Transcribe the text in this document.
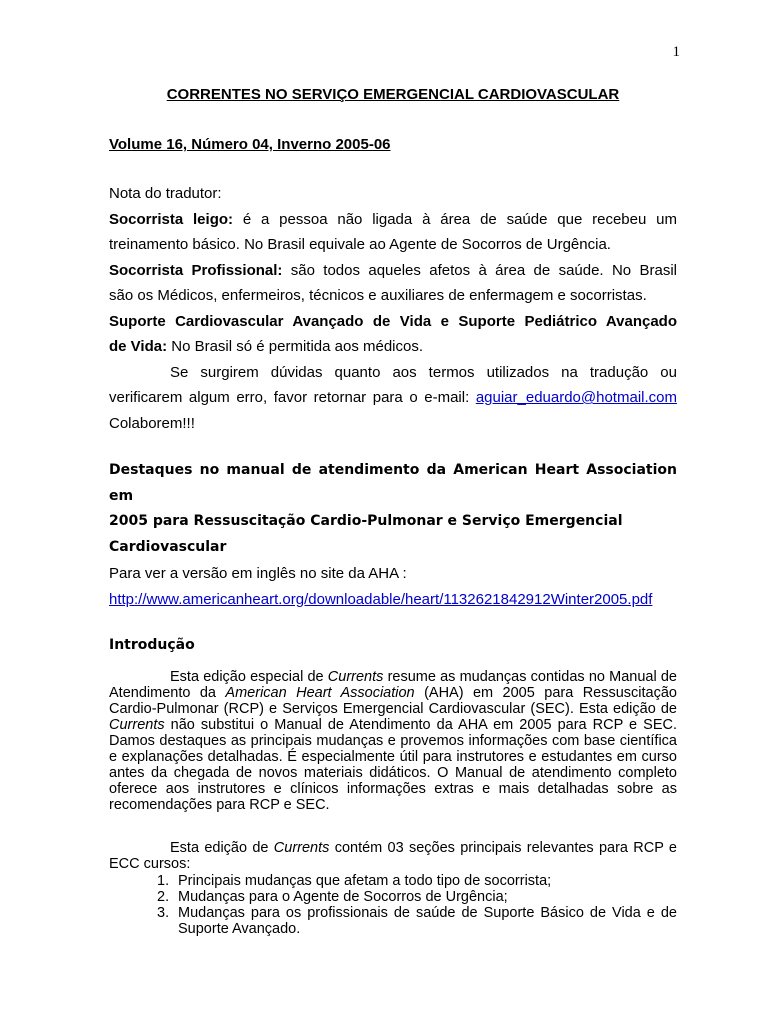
1
CORRENTES NO SERVIÇO EMERGENCIAL CARDIOVASCULAR
Volume 16, Número 04, Inverno 2005-06
Nota do tradutor:
Socorrista leigo: é a pessoa não ligada à área de saúde que recebeu um
treinamento básico. No Brasil equivale ao Agente de Socorros de Urgência.
Socorrista Profissional: são todos aqueles afetos à área de saúde. No Brasil
são os Médicos, enfermeiros, técnicos e auxiliares de enfermagem e socorristas.
Suporte Cardiovascular Avançado de Vida e Suporte Pediátrico Avançado
de Vida: No Brasil só é permitida aos médicos.
Se surgirem dúvidas quanto aos termos utilizados na tradução ou
verificarem algum erro, favor retornar para o e-mail: aguiar_eduardo@hotmail.com
Colaborem!!!
Destaques no manual de atendimento da American Heart Association em
2005 para Ressuscitação Cardio-Pulmonar e Serviço Emergencial
Cardiovascular
Para ver a versão em inglês no site da AHA :
http://www.americanheart.org/downloadable/heart/1132621842912Winter2005.pdf
Introdução
Esta edição especial de Currents resume as mudanças contidas no Manual de Atendimento da American Heart Association (AHA) em 2005 para Ressuscitação Cardio-Pulmonar (RCP) e Serviços Emergencial Cardiovascular (SEC). Esta edição de Currents não substitui o Manual de Atendimento da AHA em 2005 para RCP e SEC. Damos destaques as principais mudanças e provemos informações com base científica e explanações detalhadas. É especialmente útil para instrutores e estudantes em curso antes da chegada de novos materiais didáticos. O Manual de atendimento completo oferece aos instrutores e clínicos informações extras e mais detalhadas sobre as recomendações para RCP e SEC.
Esta edição de Currents contém 03 seções principais relevantes para RCP e ECC cursos:
1. Principais mudanças que afetam a todo tipo de socorrista;
2. Mudanças para o Agente de Socorros de Urgência;
3. Mudanças para os profissionais de saúde de Suporte Básico de Vida e de Suporte Avançado.
